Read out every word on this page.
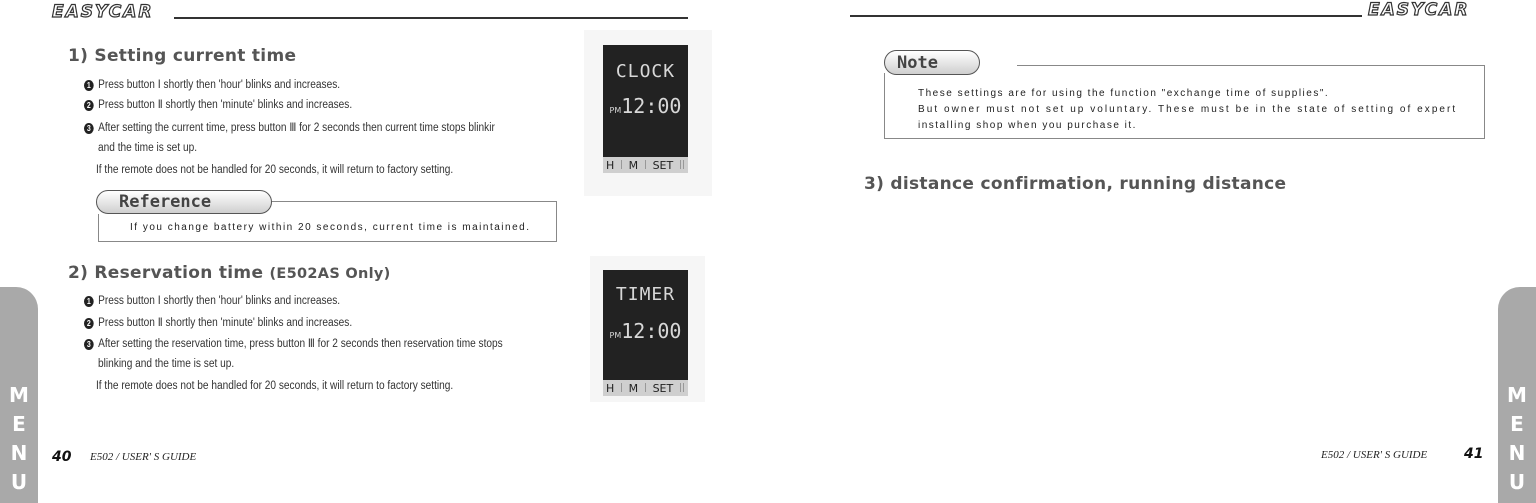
EASYCAR	EASYCAR
M
E
N
U
M
E
N
U
1) Setting current time
1 Press button Ⅰ shortly then 'hour' blinks and increases.
2 Press button Ⅱ shortly then 'minute' blinks and increases.
3 After setting the current time, press button Ⅲ for 2 seconds then current time stops blinkir
and the time is set up.
If the remote does not be handled for 20 seconds, it will return to factory setting.
CLOCK
PM 12:00
H | M | SET ||
Reference
If you change battery within 20 seconds, current time is maintained.
2) Reservation time (E502AS Only)
1 Press button Ⅰ shortly then 'hour' blinks and increases.
2 Press button Ⅱ shortly then 'minute' blinks and increases.
3 After setting the reservation time, press button Ⅲ for 2 seconds then reservation time stops
blinking and the time is set up.
If the remote does not be handled for 20 seconds, it will return to factory setting.
TIMER
PM 12:00
H | M | SET ||
Note
These settings are for using the function "exchange time of supplies".
But owner must not set up voluntary. These must be in the state of setting of expert
installing shop when you purchase it.
3) distance confirmation, running distance
40 E502 / USER' S GUIDE	E502 / USER' S GUIDE	41
